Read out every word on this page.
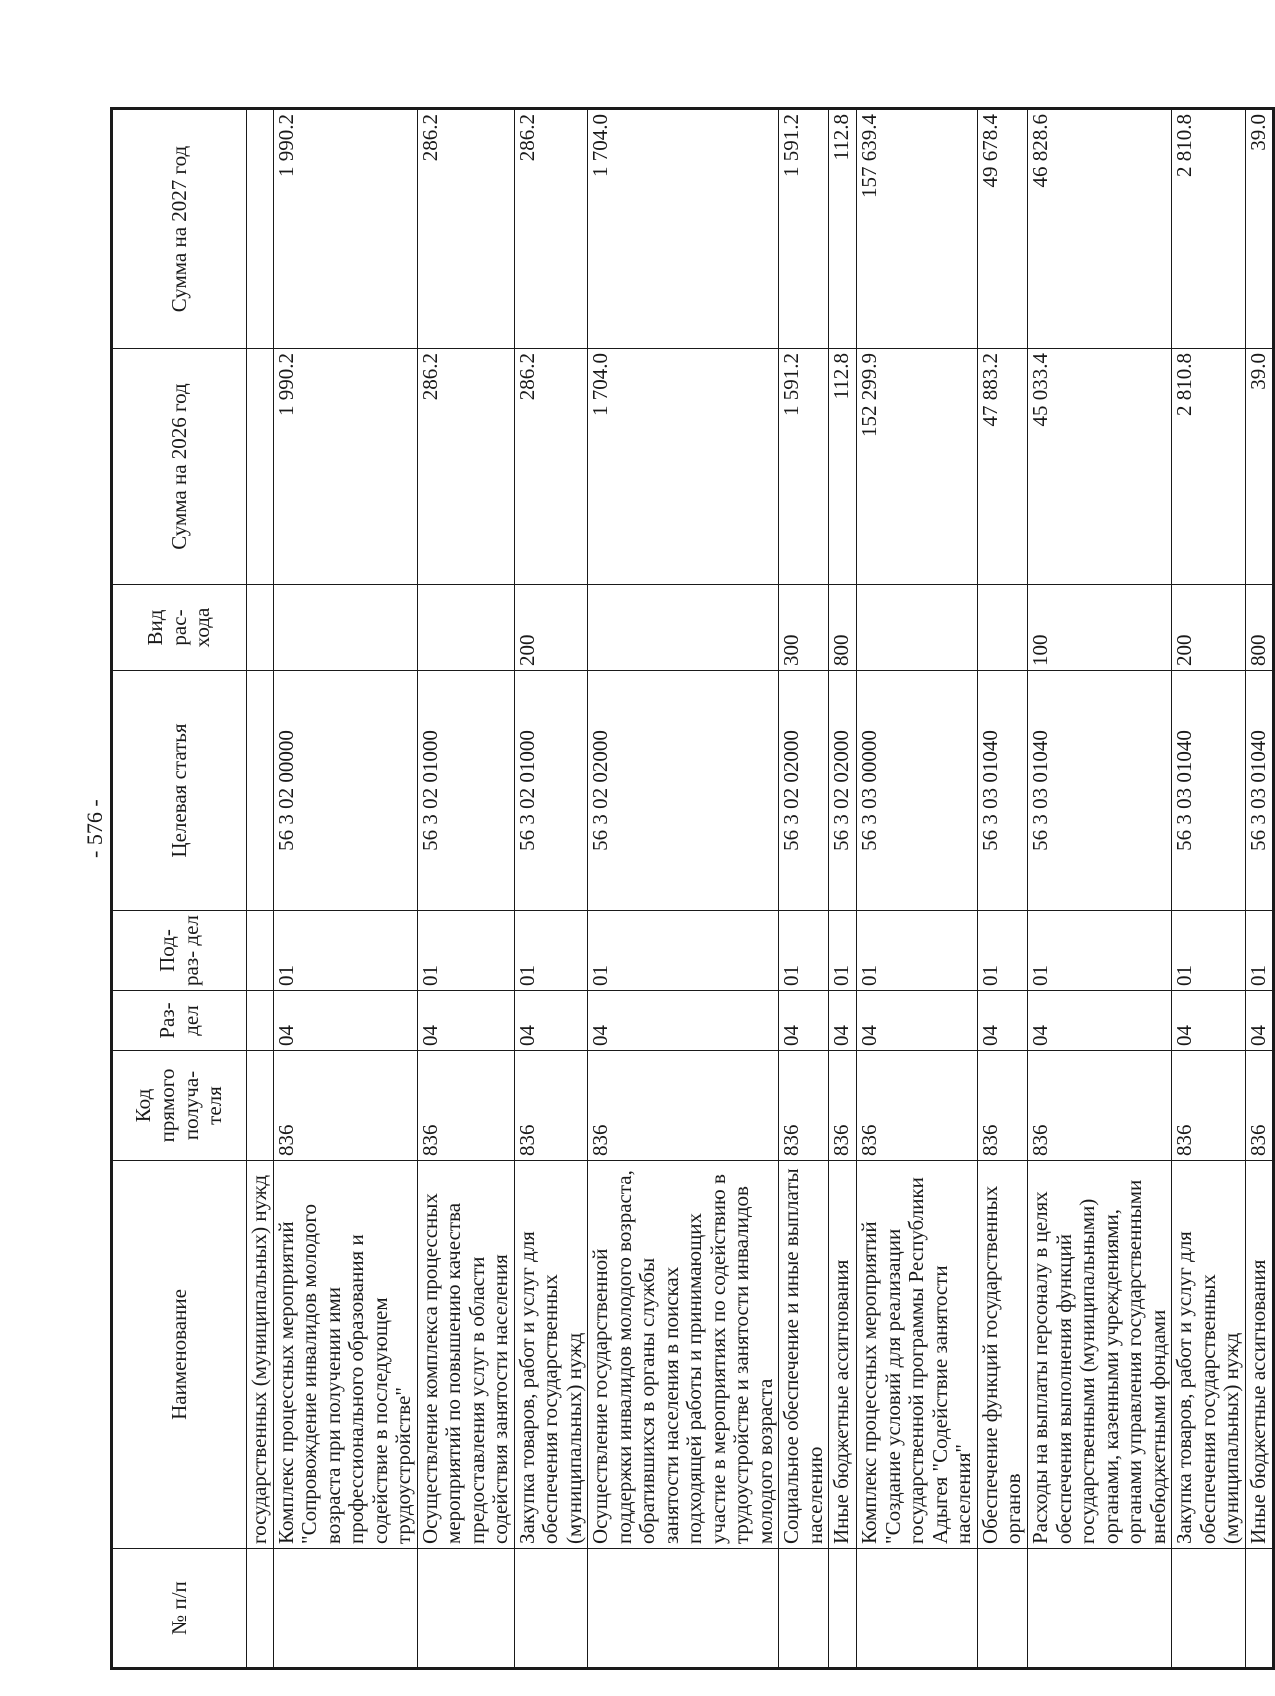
- 576 -
№ п/п	Наименование	Код прямого получа- теля	Раз- дел	Под- раз- дел	Целевая статья	Вид рас- хода	Сумма на 2026 год	Сумма на 2027 год
	государственных (муниципальных) нужд							
	Комплекс процессных мероприятий "Сопровождение инвалидов молодого возраста при получении ими профессионального образования и содействие в последующем трудоустройстве"	836	04	01	56 3 02 00000		1 990.2	1 990.2
	Осуществление комплекса процессных мероприятий по повышению качества предоставления услуг в области содействия занятости населения	836	04	01	56 3 02 01000		286.2	286.2
	Закупка товаров, работ и услуг для обеспечения государственных (муниципальных) нужд	836	04	01	56 3 02 01000	200	286.2	286.2
	Осуществление государственной поддержки инвалидов молодого возраста, обратившихся в органы службы занятости населения в поисках подходящей работы и принимающих участие в мероприятиях по содействию в трудоустройстве и занятости инвалидов молодого возраста	836	04	01	56 3 02 02000		1 704.0	1 704.0
	Социальное обеспечение и иные выплаты населению	836	04	01	56 3 02 02000	300	1 591.2	1 591.2
	Иные бюджетные ассигнования	836	04	01	56 3 02 02000	800	112.8	112.8
	Комплекс процессных мероприятий "Создание условий для реализации государственной программы Республики Адыгея "Содействие занятости населения"	836	04	01	56 3 03 00000		152 299.9	157 639.4
	Обеспечение функций государственных органов	836	04	01	56 3 03 01040		47 883.2	49 678.4
	Расходы на выплаты персоналу в целях обеспечения выполнения функций государственными (муниципальными) органами, казенными учреждениями, органами управления государственными внебюджетными фондами	836	04	01	56 3 03 01040	100	45 033.4	46 828.6
	Закупка товаров, работ и услуг для обеспечения государственных (муниципальных) нужд	836	04	01	56 3 03 01040	200	2 810.8	2 810.8
	Иные бюджетные ассигнования	836	04	01	56 3 03 01040	800	39.0	39.0
